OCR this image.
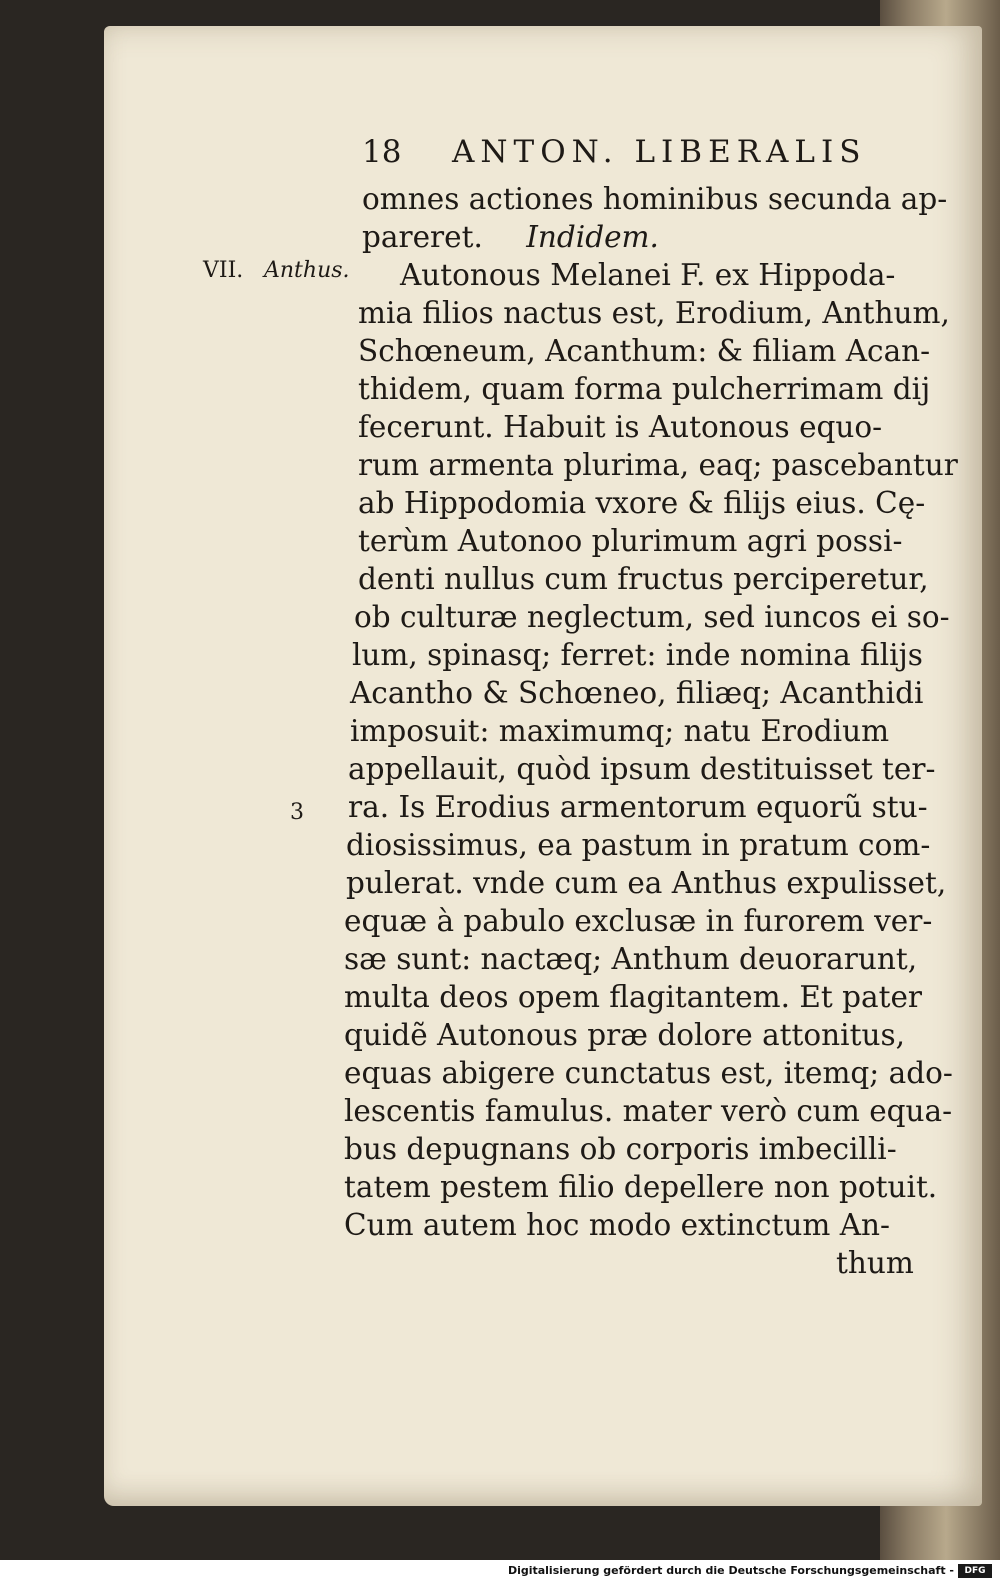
18 ANTON. LIBERALIS
VII. Anthus.
3
omnes actiones hominibus secunda ap-
pareret. Indidem.
Autonous Melanei F. ex Hippoda-
mia filios nactus est, Erodium, Anthum,
Schœneum, Acanthum: & filiam Acan-
thidem, quam forma pulcherrimam dij
fecerunt. Habuit is Autonous equo-
rum armenta plurima, eaq; pascebantur
ab Hippodomia vxore & filijs eius. Cę-
terùm Autonoo plurimum agri possi-
denti nullus cum fructus perciperetur,
ob culturæ neglectum, sed iuncos ei so-
lum, spinasq; ferret: inde nomina filijs
Acantho & Schœneo, filiæq; Acanthidi
imposuit: maximumq; natu Erodium
appellauit, quòd ipsum destituisset ter-
ra. Is Erodius armentorum equorũ stu-
diosissimus, ea pastum in pratum com-
pulerat. vnde cum ea Anthus expulisset,
equæ à pabulo exclusæ in furorem ver-
sæ sunt: nactæq; Anthum deuorarunt,
multa deos opem flagitantem. Et pater
quidẽ Autonous præ dolore attonitus,
equas abigere cunctatus est, itemq; ado-
lescentis famulus. mater verò cum equa-
bus depugnans ob corporis imbecilli-
tatem pestem filio depellere non potuit.
Cum autem hoc modo extinctum An-
thum
Digitalisierung gefördert durch die Deutsche Forschungsgemeinschaft -	DFG
